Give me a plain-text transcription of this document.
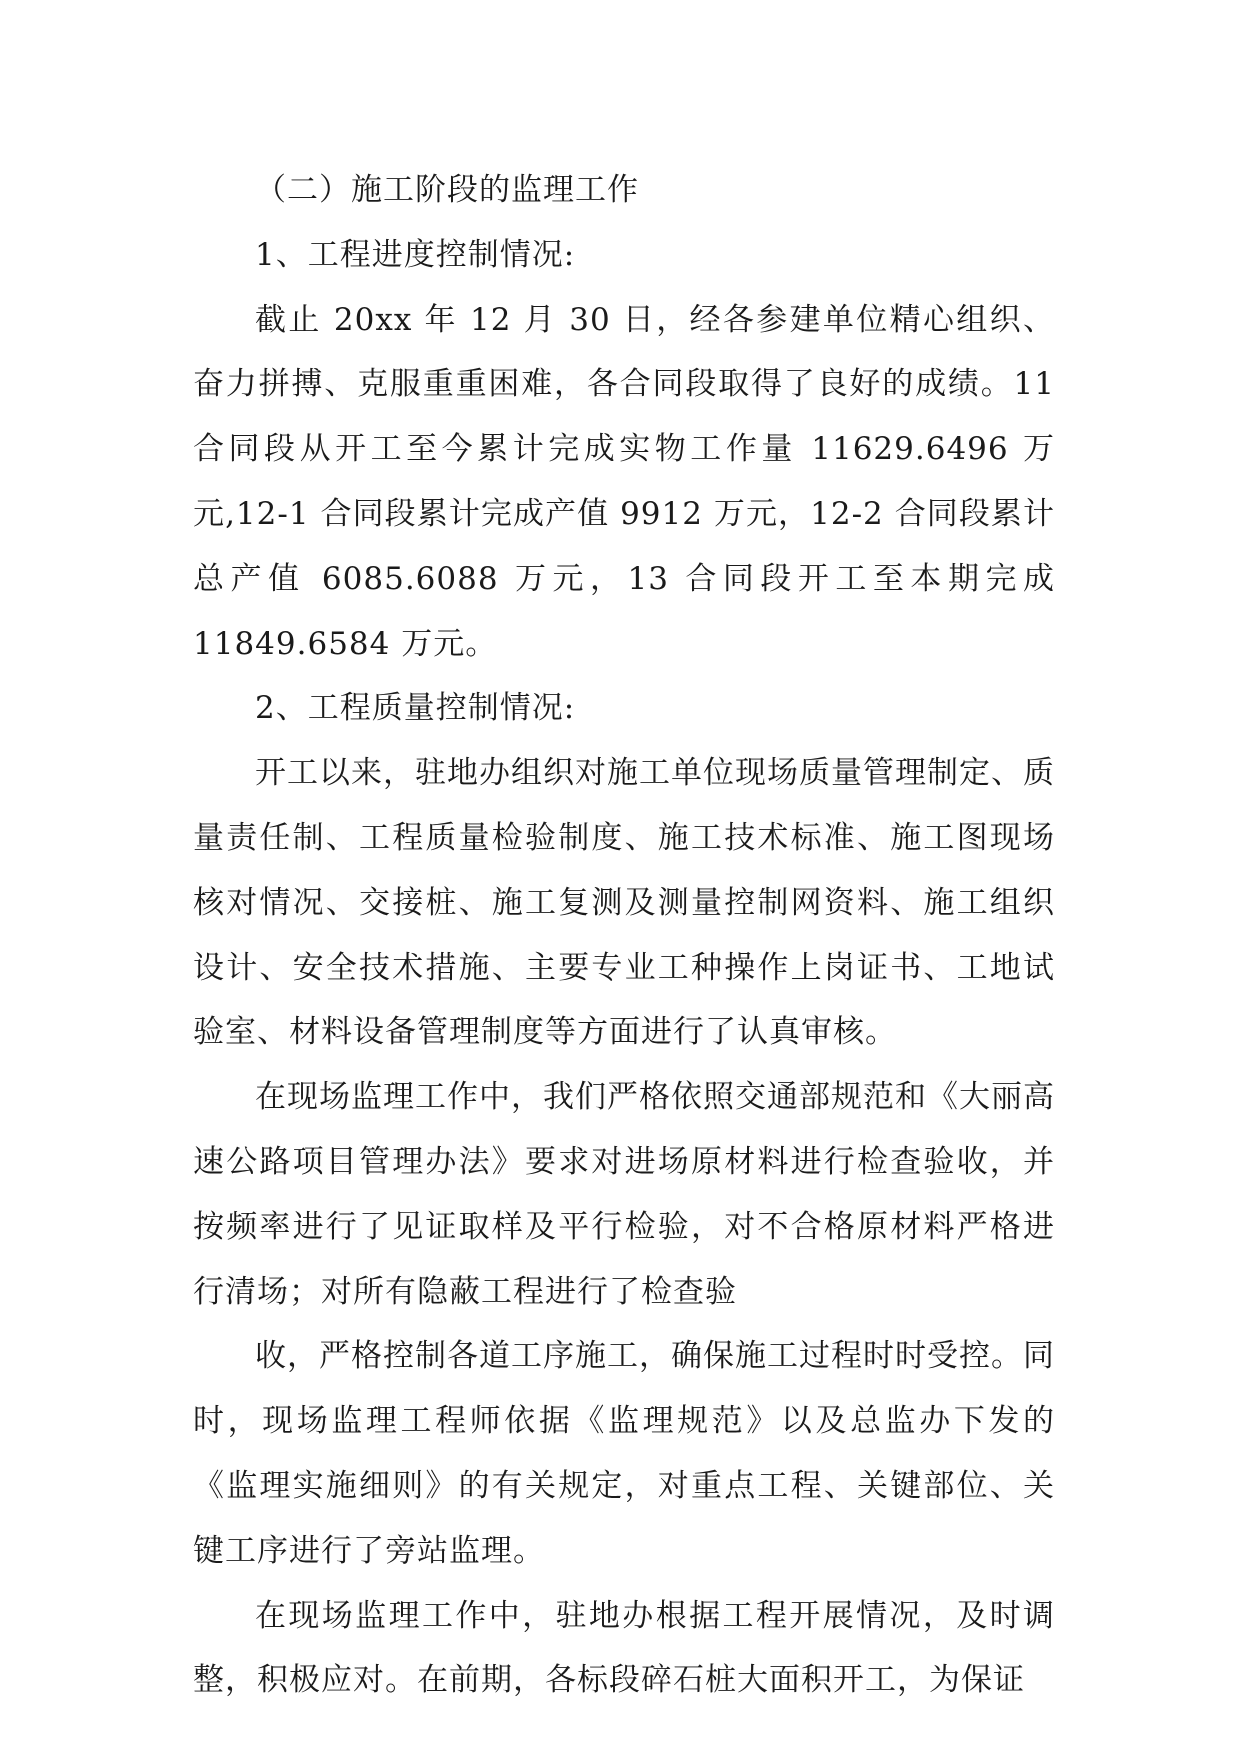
（二）施工阶段的监理工作

1、工程进度控制情况:

截止 20xx 年 12 月 30 日，经各参建单位精心组织、奋力拼搏、克服重重困难，各合同段取得了良好的成绩。11 合同段从开工至今累计完成实物工作量 11629.6496 万元,12-1 合同段累计完成产值 9912 万元，12-2 合同段累计总产值 6085.6088 万元，13 合同段开工至本期完成 11849.6584 万元。

2、工程质量控制情况:

开工以来，驻地办组织对施工单位现场质量管理制定、质量责任制、工程质量检验制度、施工技术标准、施工图现场核对情况、交接桩、施工复测及测量控制网资料、施工组织设计、安全技术措施、主要专业工种操作上岗证书、工地试验室、材料设备管理制度等方面进行了认真审核。

在现场监理工作中，我们严格依照交通部规范和《大丽高速公路项目管理办法》要求对进场原材料进行检查验收，并按频率进行了见证取样及平行检验，对不合格原材料严格进行清场；对所有隐蔽工程进行了检查验

收，严格控制各道工序施工，确保施工过程时时受控。同时，现场监理工程师依据《监理规范》以及总监办下发的《监理实施细则》的有关规定，对重点工程、关键部位、关键工序进行了旁站监理。

在现场监理工作中，驻地办根据工程开展情况，及时调整，积极应对。在前期，各标段碎石桩大面积开工，为保证
